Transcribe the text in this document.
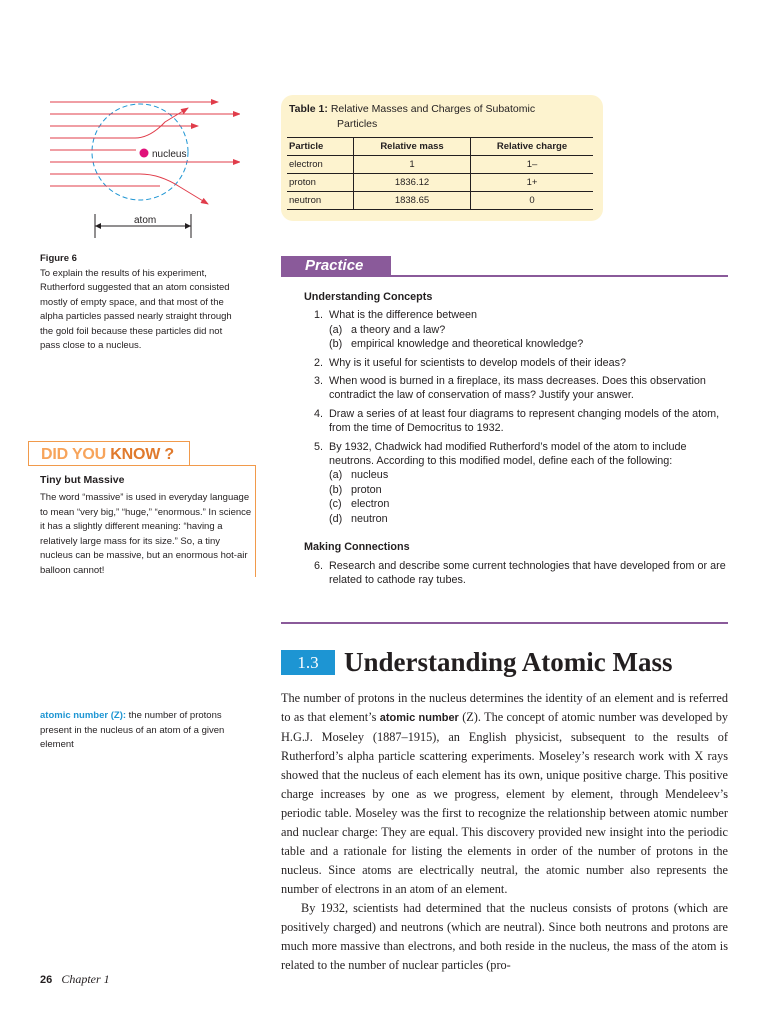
nucleus
atom
Figure 6
To explain the results of his experiment, Rutherford suggested that an atom consisted mostly of empty space, and that most of the alpha particles passed nearly straight through the gold foil because these particles did not pass close to a nucleus.
Table 1: Relative Masses and Charges of Subatomic
Particles
Particle	Relative mass	Relative charge
electron	1	1–
proton	1836.12	1+
neutron	1838.65	0
Practice
Understanding Concepts
1. What is the difference between
(a) a theory and a law?
(b) empirical knowledge and theoretical knowledge?
2. Why is it useful for scientists to develop models of their ideas?
3. When wood is burned in a fireplace, its mass decreases. Does this observation contradict the law of conservation of mass? Justify your answer.
4. Draw a series of at least four diagrams to represent changing models of the atom, from the time of Democritus to 1932.
5. By 1932, Chadwick had modified Rutherford’s model of the atom to include neutrons. According to this modified model, define each of the following:
(a) nucleus
(b) proton
(c) electron
(d) neutron
Making Connections
6. Research and describe some current technologies that have developed from or are related to cathode ray tubes.
DID YOU KNOW ?
Tiny but Massive
The word “massive” is used in everyday language to mean “very big,” “huge,” “enormous.” In science it has a slightly different meaning: “having a relatively large mass for its size.” So, a tiny nucleus can be massive, but an enormous hot-air balloon cannot!
1.3 Understanding Atomic Mass
atomic number (Z): the number of protons present in the nucleus of an atom of a given element

The number of protons in the nucleus determines the identity of an element and is referred to as that element’s atomic number (Z). The concept of atomic number was developed by H.G.J. Moseley (1887–1915), an English physicist, subsequent to the results of Rutherford’s alpha particle scattering experiments. Moseley’s research work with X rays showed that the nucleus of each element has its own, unique positive charge. This positive charge increases by one as we progress, element by element, through Mendeleev’s periodic table. Moseley was the first to recognize the relationship between atomic number and nuclear charge: They are equal. This discovery provided new insight into the periodic table and a rationale for listing the elements in order of the number of protons in the nucleus. Since atoms are electrically neutral, the atomic number also represents the number of electrons in an atom of an element.

By 1932, scientists had determined that the nucleus consists of protons (which are positively charged) and neutrons (which are neutral). Since both neutrons and protons are much more massive than electrons, and both reside in the nucleus, the mass of the atom is related to the number of nuclear particles (pro-

26 Chapter 1
